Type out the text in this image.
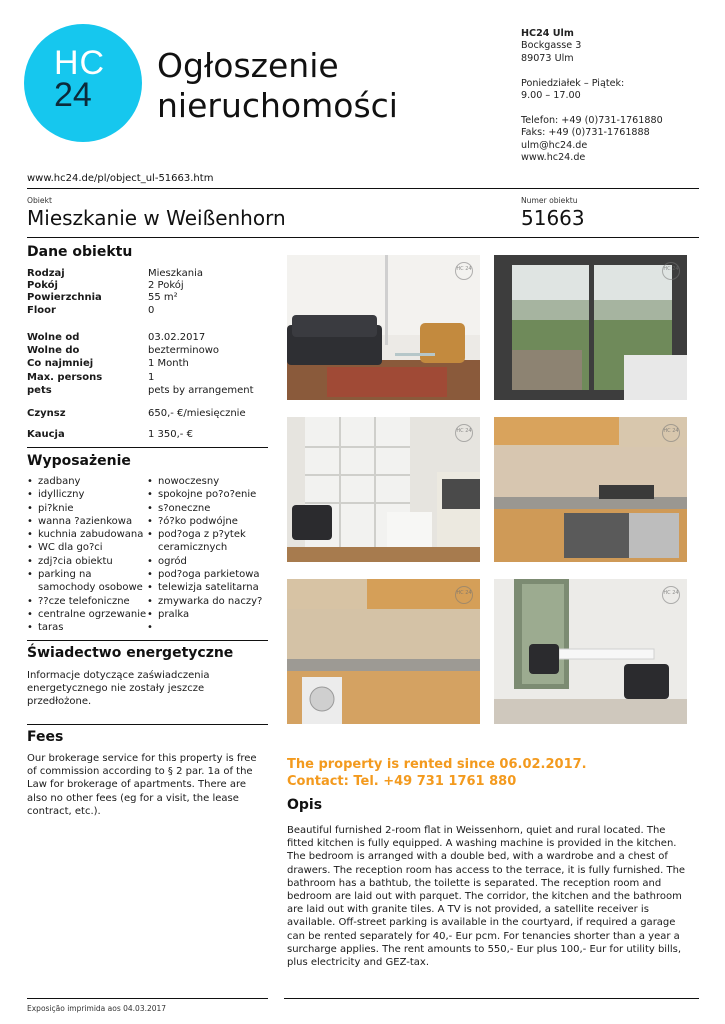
HC
24
Ogłoszenie
nieruchomości
HC24 Ulm
Bockgasse 3
89073 Ulm
Poniedziałek – Piątek:
9.00 – 17.00
Telefon: +49 (0)731-1761880
Faks: +49 (0)731-1761888
ulm@hc24.de
www.hc24.de
www.hc24.de/pl/object_ul-51663.htm
Obiekt	Numer obiektu
Mieszkanie w Weißenhorn	51663
Dane obiektu
Rodzaj	Mieszkania
Pokój	2 Pokój
Powierzchnia	55 m²
Floor	0
Wolne od	03.02.2017
Wolne do	bezterminowo
Co najmniej	1 Month
Max. persons	1
pets	pets by arrangement
Czynsz	650,- €/miesięcznie
Kaucja	1 350,- €
Wyposażenie
• zadbany
• idylliczny
• pi?knie
• wanna ?azienkowa
• kuchnia zabudowana
• WC dla go?ci
• zdj?cia obiektu
• parking na samochody osobowe
• ??cze telefoniczne
• centralne ogrzewanie
• taras
• nowoczesny
• spokojne po?o?enie
• s?oneczne
• ?ó?ko podwójne
• pod?oga z p?ytek ceramicznych
• ogród
• pod?oga parkietowa
• telewizja satelitarna
• zmywarka do naczy?
• pralka
Świadectwo energetyczne
Informacje dotyczące zaświadczenia energetycznego nie zostały jeszcze przedłożone.
Fees
Our brokerage service for this property is free of commission according to § 2 par. 1a of the Law for brokerage of apartments. There are also no other fees (eg for a visit, the lease contract, etc.).
HC 24	HC 24
HC 24	HC 24
HC 24	HC 24
The property is rented since 06.02.2017.
Contact: Tel. +49 731 1761 880
Opis
Beautiful furnished 2-room flat in Weissenhorn, quiet and rural located. The fitted kitchen is fully equipped. A washing machine is provided in the kitchen. The bedroom is arranged with a double bed, with a wardrobe and a chest of drawers. The reception room has access to the terrace, it is fully furnished. The bathroom has a bathtub, the toilette is separated. The reception room and bedroom are laid out with parquet. The corridor, the kitchen and the bathroom are laid out with granite tiles. A TV is not provided, a satellite receiver is available. Off-street parking is available in the courtyard, if required a garage can be rented separately for 40,- Eur pcm. For tenancies shorter than a year a surcharge applies. The rent amounts to 550,- Eur plus 100,- Eur for utility bills, plus electricity and GEZ-tax.
Exposição imprimida aos 04.03.2017
